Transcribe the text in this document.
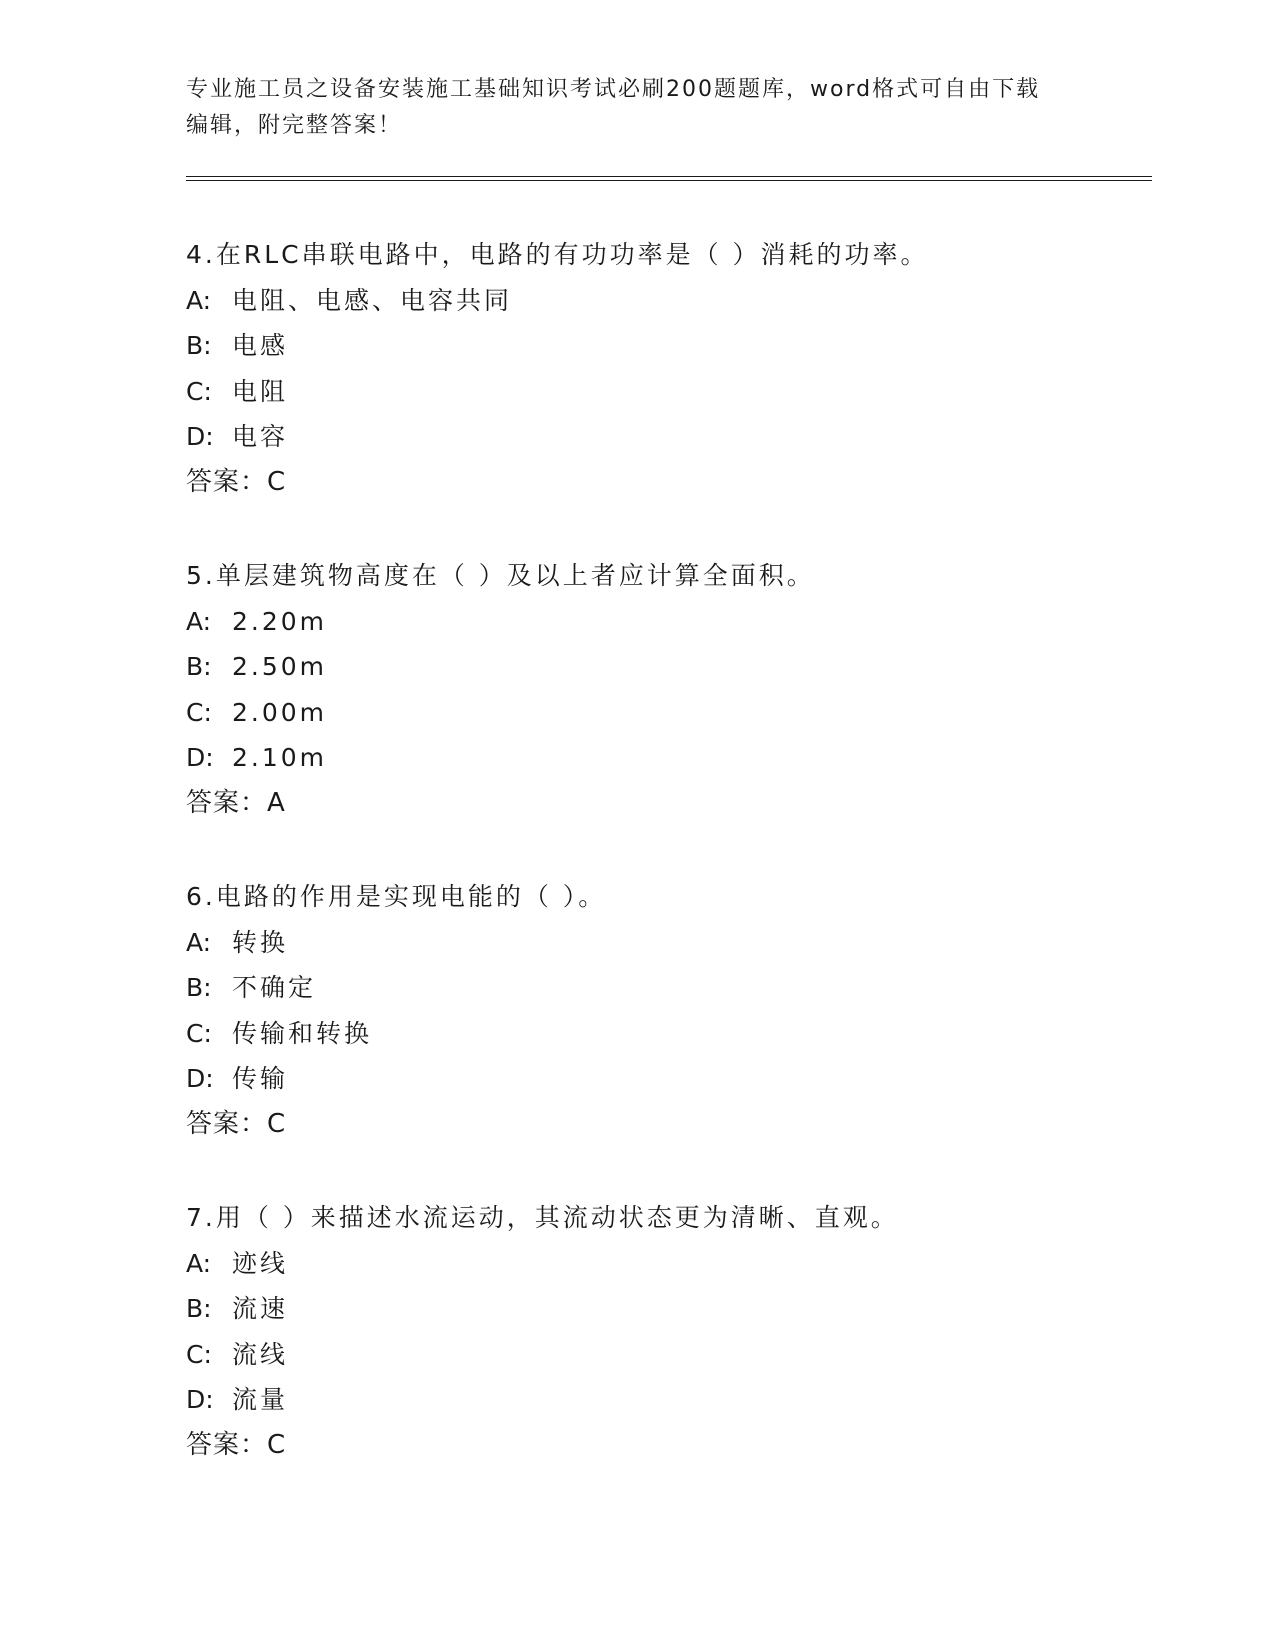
专业施工员之设备安装施工基础知识考试必刷200题题库，word格式可自由下载
编辑，附完整答案！
4.在RLC串联电路中，电路的有功功率是（ ）消耗的功率。
A: 电阻、电感、电容共同
B: 电感
C: 电阻
D: 电容
答案：C
5.单层建筑物高度在（ ）及以上者应计算全面积。
A: 2.20m
B: 2.50m
C: 2.00m
D: 2.10m
答案：A
6.电路的作用是实现电能的（ ）。
A: 转换
B: 不确定
C: 传输和转换
D: 传输
答案：C
7.用（ ）来描述水流运动，其流动状态更为清晰、直观。
A: 迹线
B: 流速
C: 流线
D: 流量
答案：C
